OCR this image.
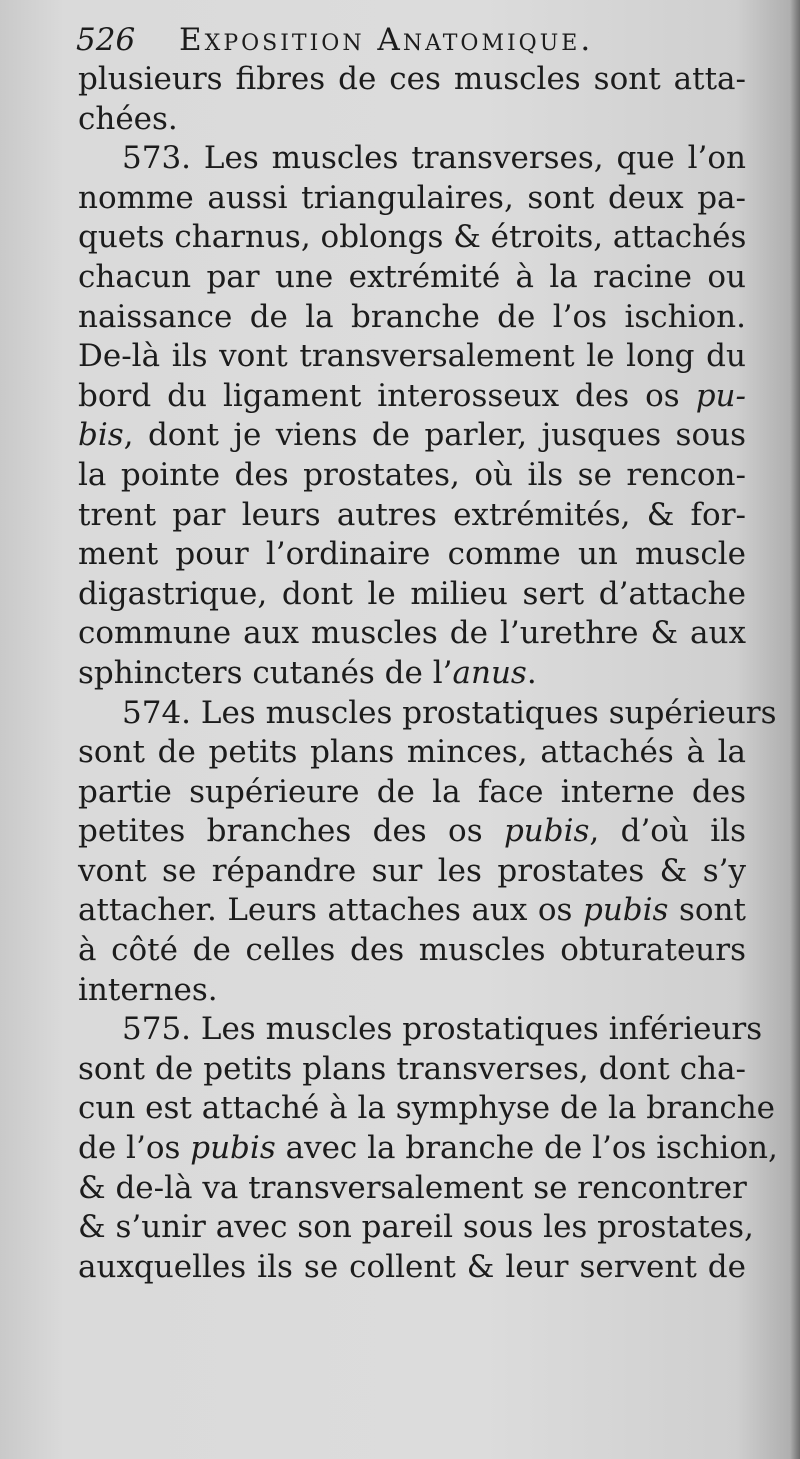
526 Exposition Anatomique.
plusieurs fibres de ces muscles sont atta-
chées.
573. Les muscles transverses, que l’on
nomme aussi triangulaires, sont deux pa-
quets charnus, oblongs & étroits, attachés
chacun par une extrémité à la racine ou
naissance de la branche de l’os ischion.
De-là ils vont transversalement le long du
bord du ligament interosseux des os pu-
bis, dont je viens de parler, jusques sous
la pointe des prostates, où ils se rencon-
trent par leurs autres extrémités, & for-
ment pour l’ordinaire comme un muscle
digastrique, dont le milieu sert d’attache
commune aux muscles de l’urethre & aux
sphincters cutanés de l’anus.
574. Les muscles prostatiques supérieurs
sont de petits plans minces, attachés à la
partie supérieure de la face interne des
petites branches des os pubis, d’où ils
vont se répandre sur les prostates & s’y
attacher. Leurs attaches aux os pubis sont
à côté de celles des muscles obturateurs
internes.
575. Les muscles prostatiques inférieurs
sont de petits plans transverses, dont cha-
cun est attaché à la symphyse de la branche
de l’os pubis avec la branche de l’os ischion,
& de-là va transversalement se rencontrer
& s’unir avec son pareil sous les prostates,
auxquelles ils se collent & leur servent de
